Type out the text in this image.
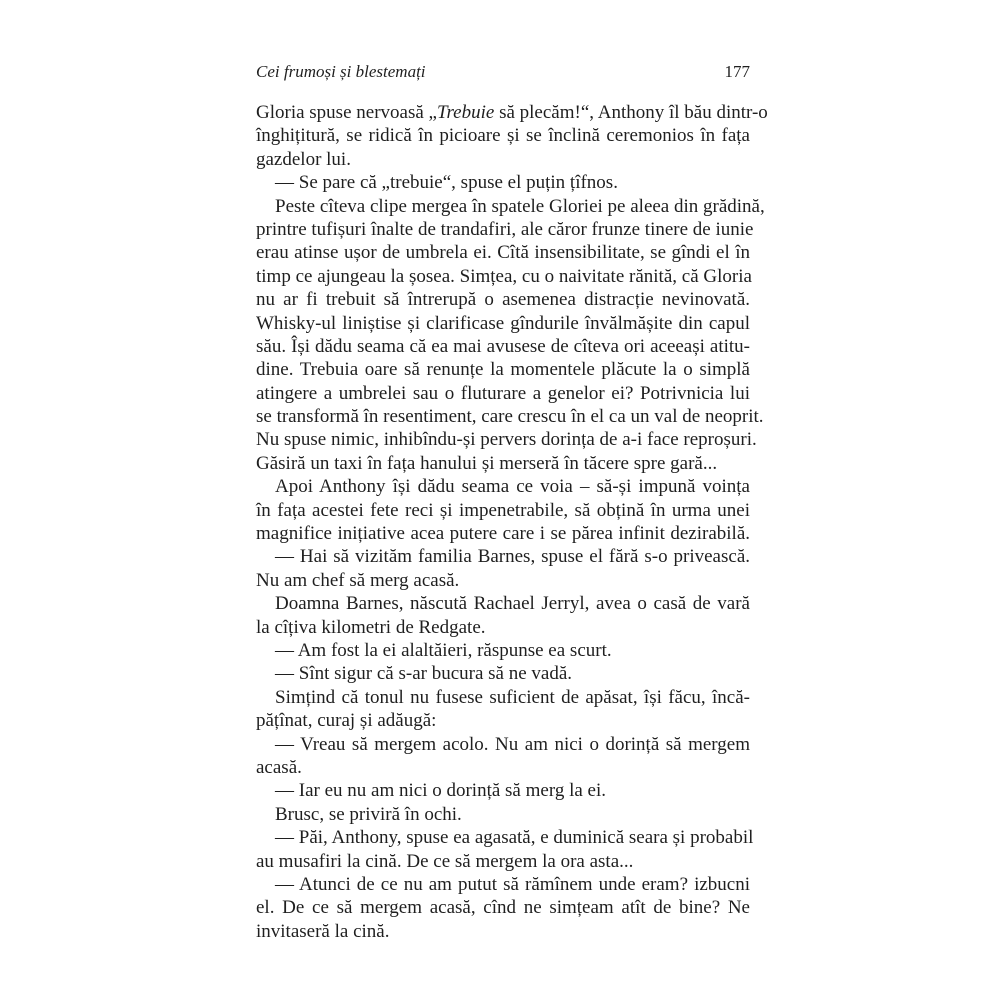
Cei frumoși și blestemați	177
Gloria spuse nervoasă „Trebuie să plecăm!“, Anthony îl bău dintr-o
înghițitură, se ridică în picioare și se înclină ceremonios în fața
gazdelor lui.
— Se pare că „trebuie“, spuse el puțin țîfnos.
Peste cîteva clipe mergea în spatele Gloriei pe aleea din grădină,
printre tufișuri înalte de trandafiri, ale căror frunze tinere de iunie
erau atinse ușor de umbrela ei. Cîtă insensibilitate, se gîndi el în
timp ce ajungeau la șosea. Simțea, cu o naivitate rănită, că Gloria
nu ar fi trebuit să întrerupă o asemenea distracție nevinovată.
Whisky-ul liniștise și clarificase gîndurile învălmășite din capul
său. Își dădu seama că ea mai avusese de cîteva ori aceeași atitu-
dine. Trebuia oare să renunțe la momentele plăcute la o simplă
atingere a umbrelei sau o fluturare a genelor ei? Potrivnicia lui
se transformă în resentiment, care crescu în el ca un val de neoprit.
Nu spuse nimic, inhibîndu-și pervers dorința de a-i face reproșuri.
Găsiră un taxi în fața hanului și merseră în tăcere spre gară...
Apoi Anthony își dădu seama ce voia – să-și impună voința
în fața acestei fete reci și impenetrabile, să obțină în urma unei
magnifice inițiative acea putere care i se părea infinit dezirabilă.
— Hai să vizităm familia Barnes, spuse el fără s-o privească.
Nu am chef să merg acasă.
Doamna Barnes, născută Rachael Jerryl, avea o casă de vară
la cîțiva kilometri de Redgate.
— Am fost la ei alaltăieri, răspunse ea scurt.
— Sînt sigur că s-ar bucura să ne vadă.
Simțind că tonul nu fusese suficient de apăsat, își făcu, încă-
pățînat, curaj și adăugă:
— Vreau să mergem acolo. Nu am nici o dorință să mergem
acasă.
— Iar eu nu am nici o dorință să merg la ei.
Brusc, se priviră în ochi.
— Păi, Anthony, spuse ea agasată, e duminică seara și probabil
au musafiri la cină. De ce să mergem la ora asta...
— Atunci de ce nu am putut să rămînem unde eram? izbucni
el. De ce să mergem acasă, cînd ne simțeam atît de bine? Ne
invitaseră la cină.
